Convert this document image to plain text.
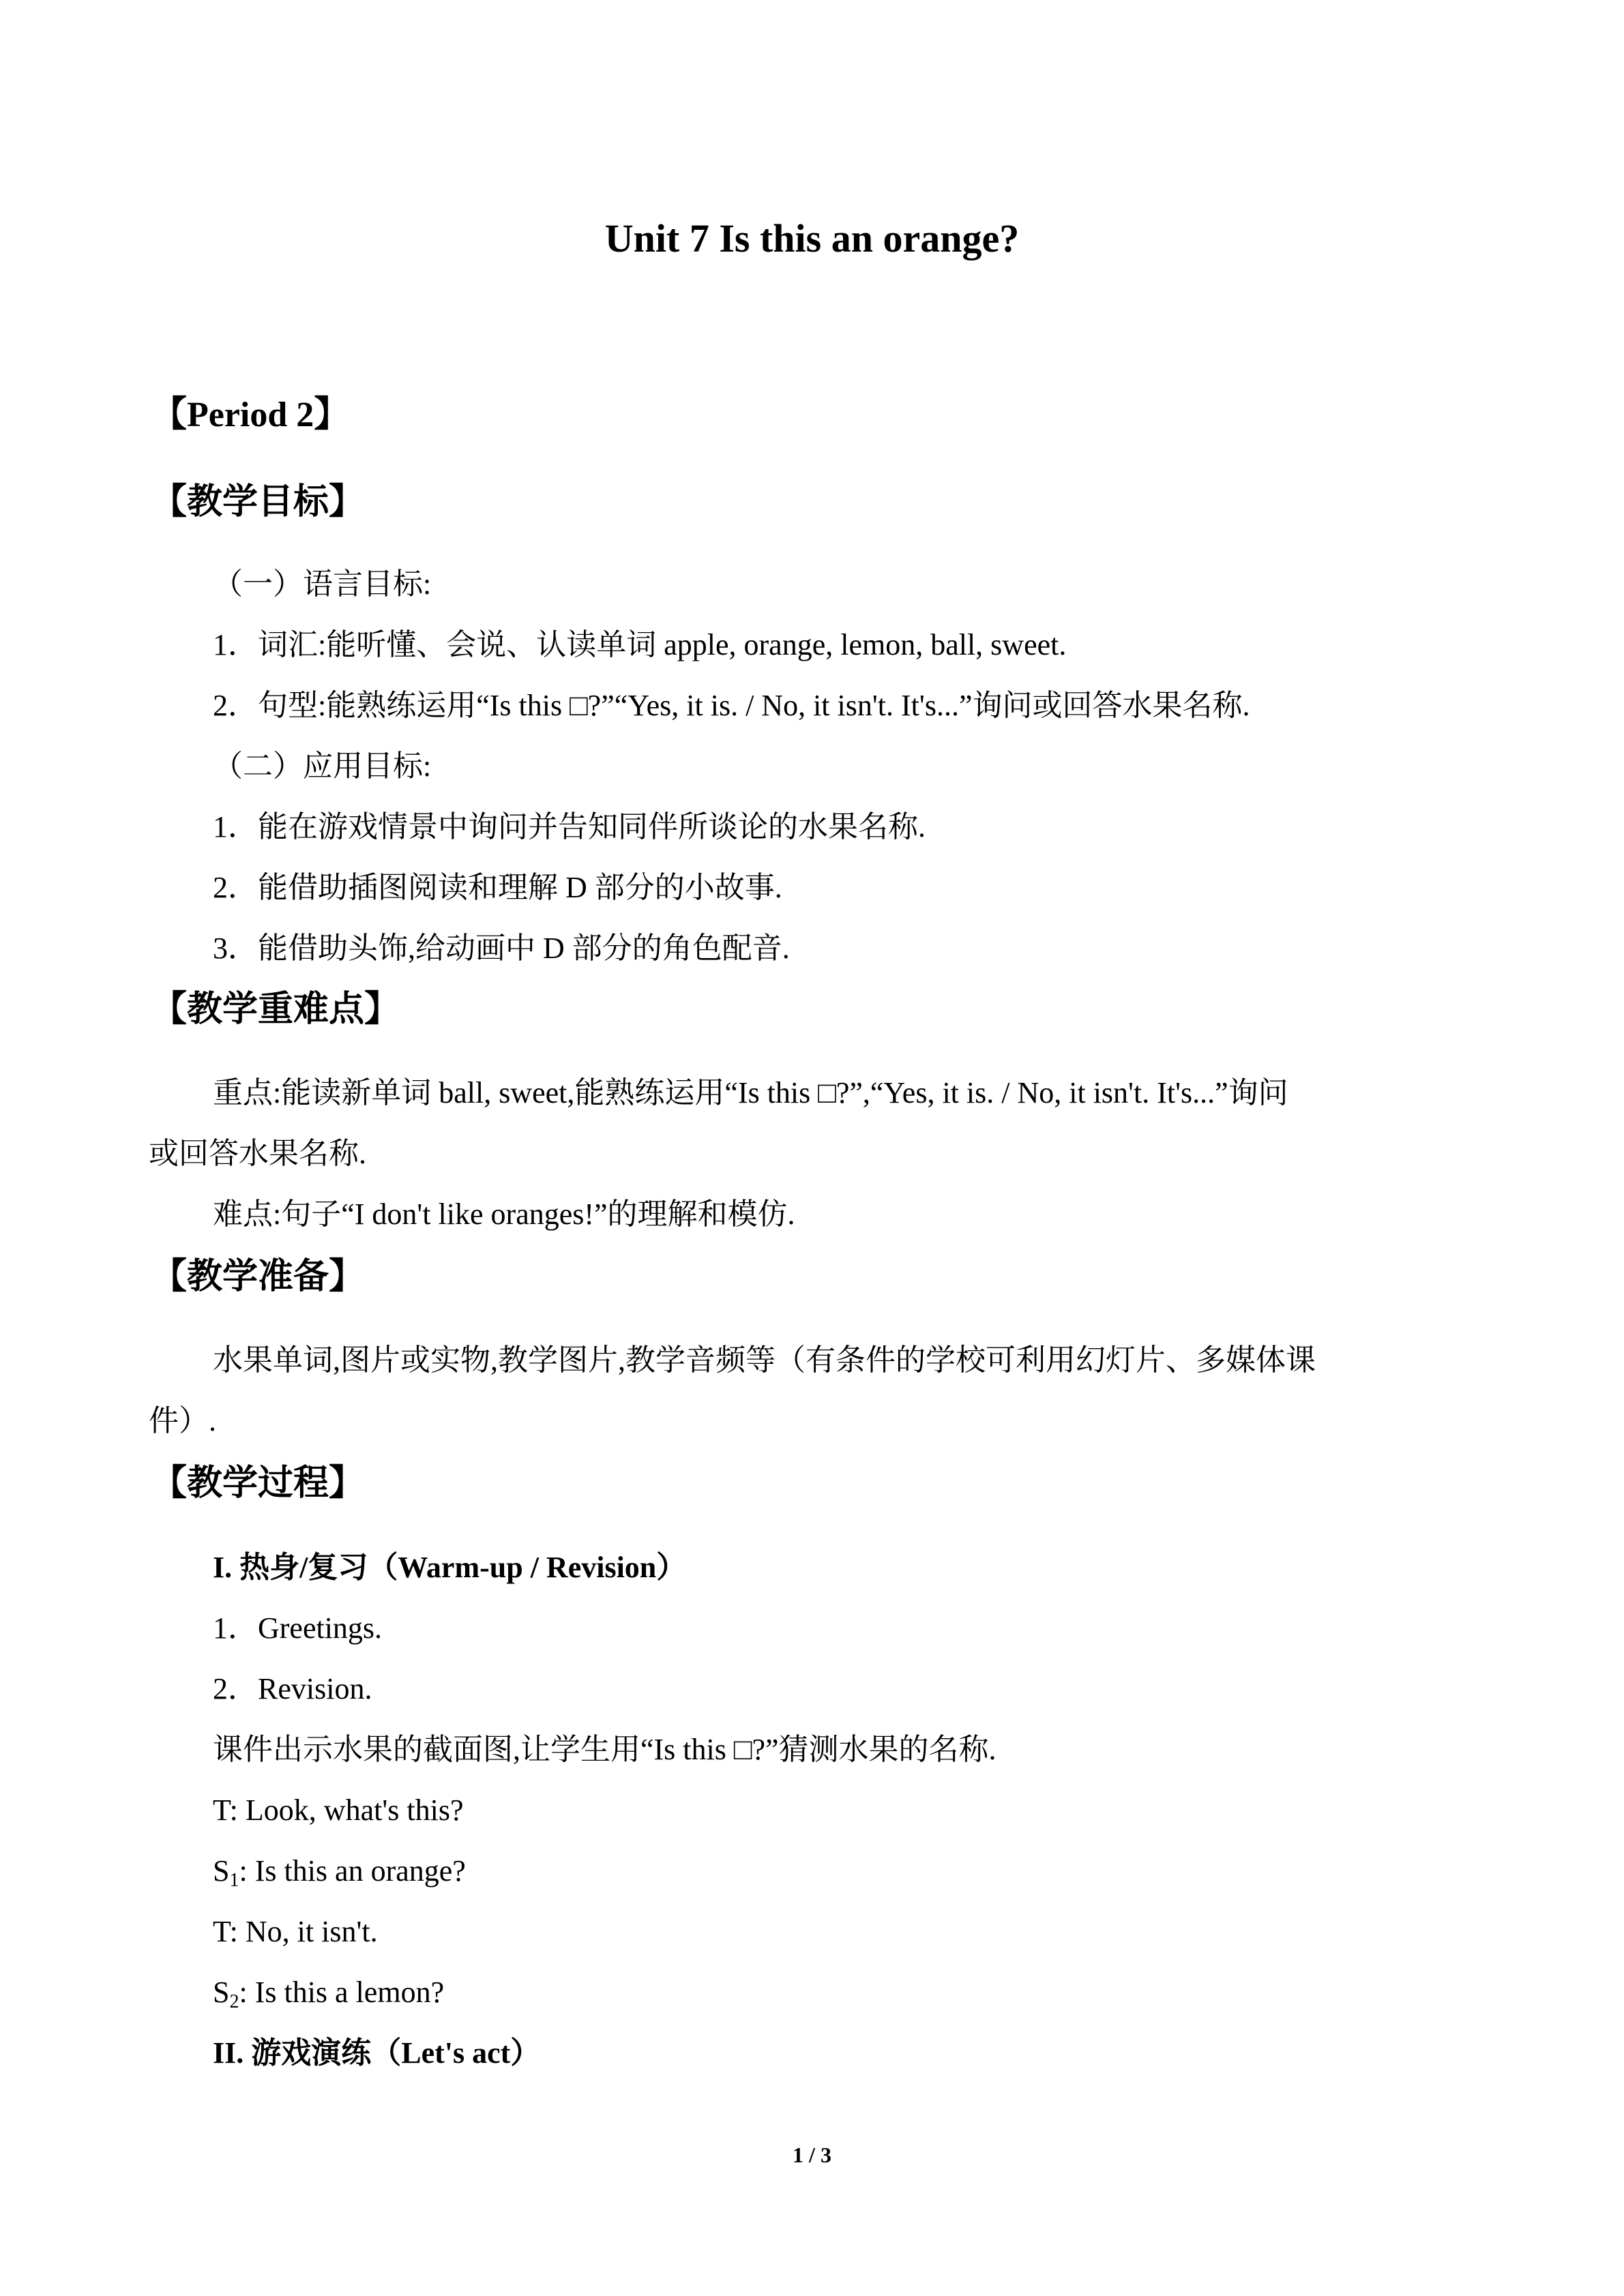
Unit 7 Is this an orange?
【Period 2】
【教学目标】
（一）语言目标:
1．词汇:能听懂、会说、认读单词 apple, orange, lemon, ball, sweet.
2．句型:能熟练运用“Is this □?”“Yes, it is. / No, it isn't. It's...”询问或回答水果名称.
（二）应用目标:
1．能在游戏情景中询问并告知同伴所谈论的水果名称.
2．能借助插图阅读和理解 D 部分的小故事.
3．能借助头饰,给动画中 D 部分的角色配音.
【教学重难点】
重点:能读新单词 ball, sweet,能熟练运用“Is this □?”,“Yes, it is. / No, it isn't. It's...”询问
或回答水果名称.
难点:句子“I don't like oranges!”的理解和模仿.
【教学准备】
水果单词,图片或实物,教学图片,教学音频等（有条件的学校可利用幻灯片、多媒体课
件）.
【教学过程】
I. 热身/复习（Warm-up / Revision）
1．Greetings.
2．Revision.
课件出示水果的截面图,让学生用“Is this □?”猜测水果的名称.
T: Look, what's this?
$S_1$: Is this an orange?
T: No, it isn't.
$S_2$: Is this a lemon?
II. 游戏演练（Let's act）
1 / 3
